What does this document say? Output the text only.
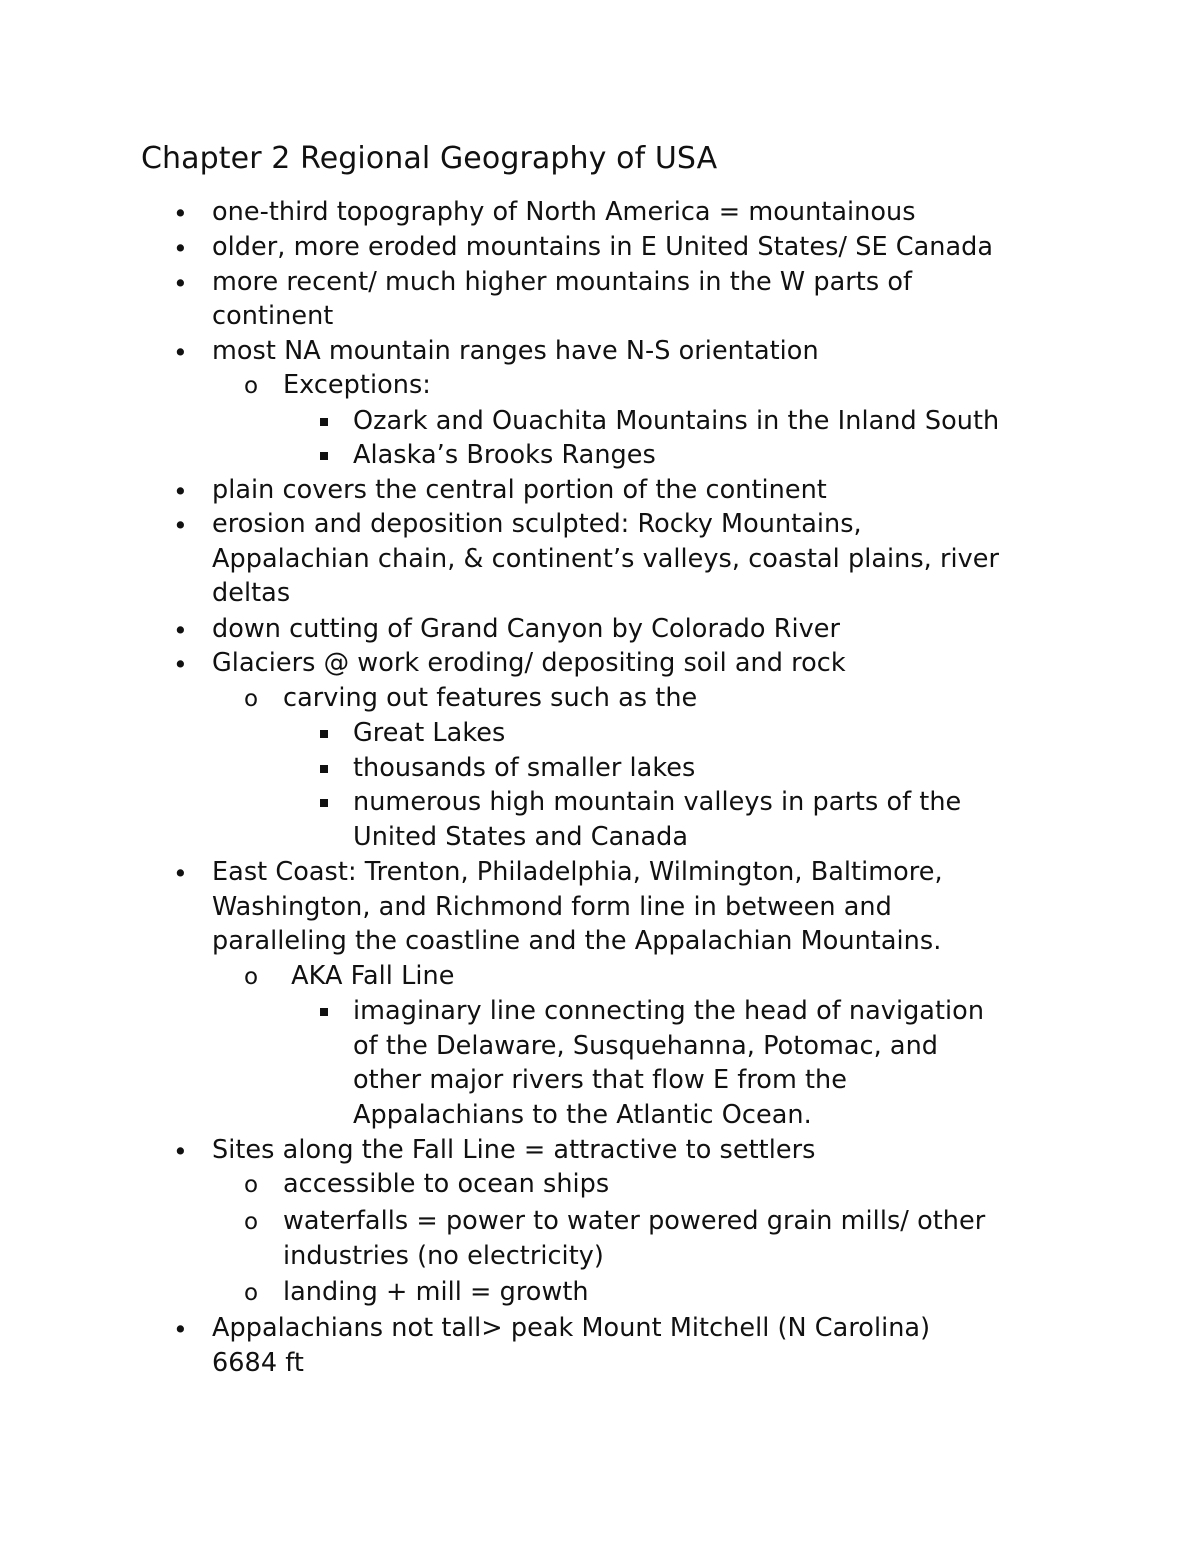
Chapter 2 Regional Geography of USA
• one-third topography of North America = mountainous
• older, more eroded mountains in E United States/ SE Canada
• more recent/ much higher mountains in the W parts of
continent
• most NA mountain ranges have N-S orientation
o Exceptions:
Ozark and Ouachita Mountains in the Inland South
Alaska’s Brooks Ranges
• plain covers the central portion of the continent
• erosion and deposition sculpted: Rocky Mountains,
Appalachian chain, & continent’s valleys, coastal plains, river
deltas
• down cutting of Grand Canyon by Colorado River
• Glaciers @ work eroding/ depositing soil and rock
o carving out features such as the
Great Lakes
thousands of smaller lakes
numerous high mountain valleys in parts of the
United States and Canada
• East Coast: Trenton, Philadelphia, Wilmington, Baltimore,
Washington, and Richmond form line in between and
paralleling the coastline and the Appalachian Mountains.
o AKA Fall Line
imaginary line connecting the head of navigation
of the Delaware, Susquehanna, Potomac, and
other major rivers that flow E from the
Appalachians to the Atlantic Ocean.
• Sites along the Fall Line = attractive to settlers
o accessible to ocean ships
o waterfalls = power to water powered grain mills/ other
industries (no electricity)
o landing + mill = growth
• Appalachians not tall> peak Mount Mitchell (N Carolina)
6684 ft
